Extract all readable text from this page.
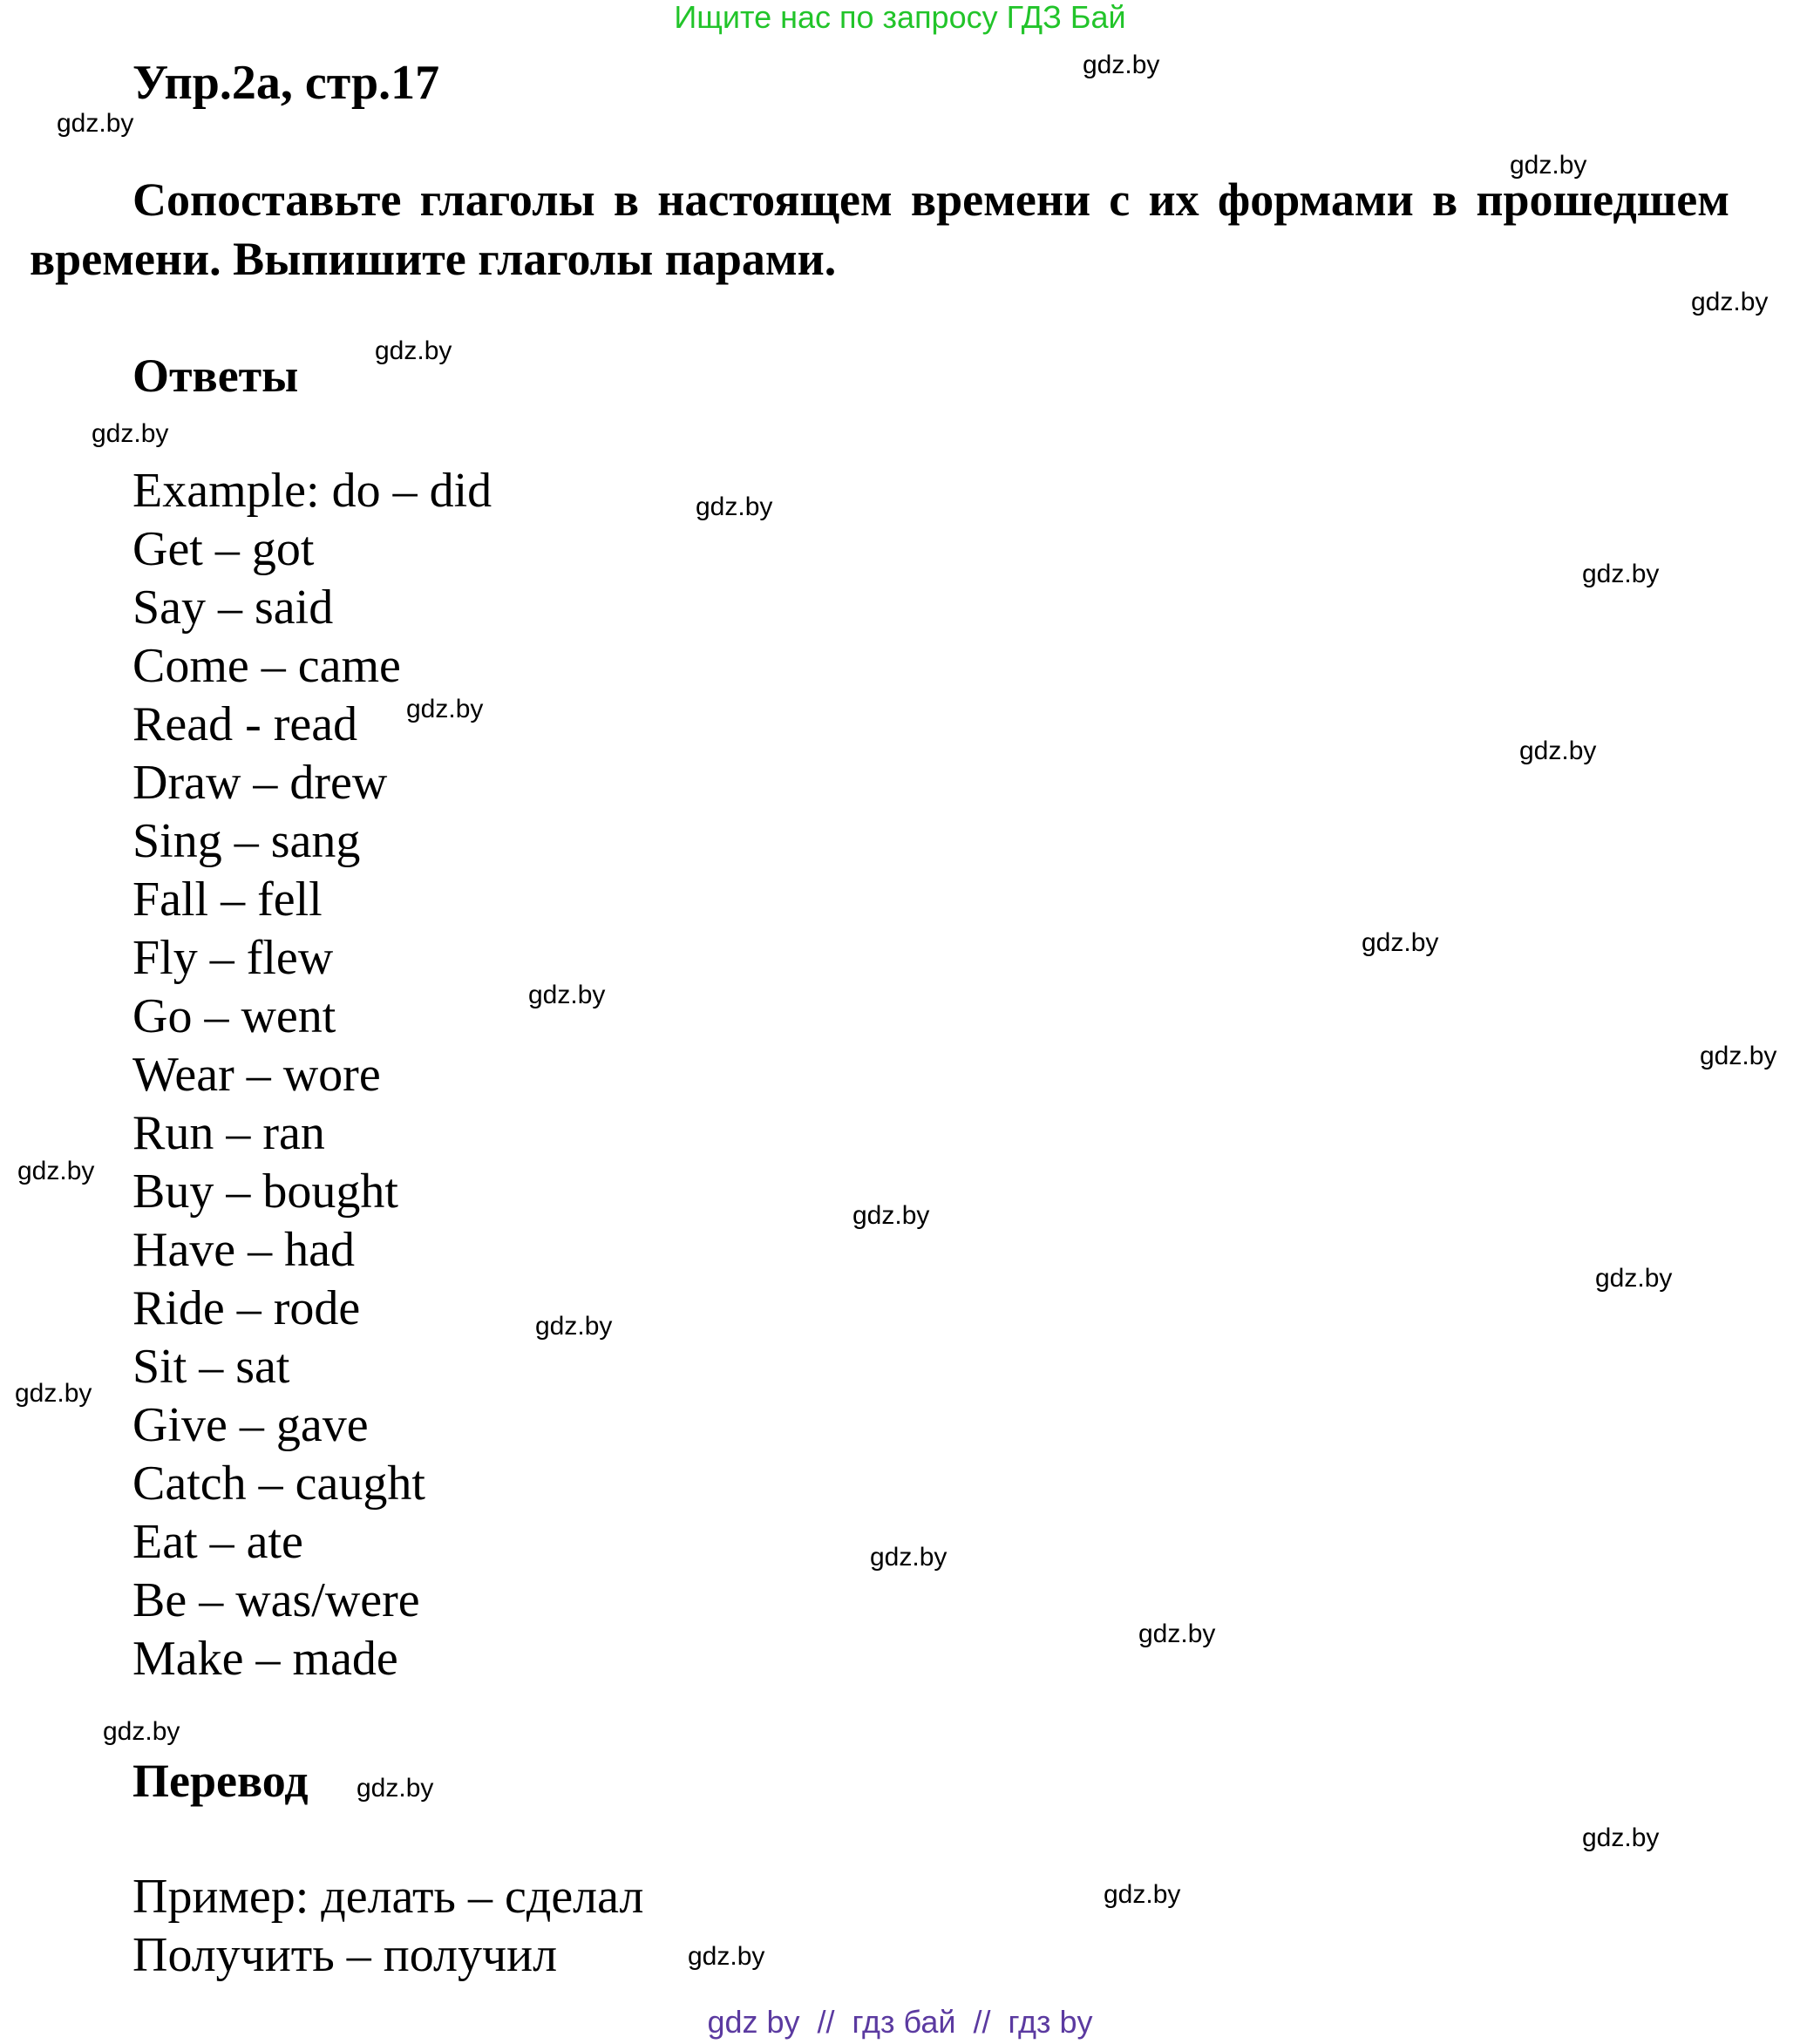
Ищите нас по запросу ГДЗ Бай
Упр.2а, стр.17

Сопоставьте глаголы в настоящем времени с их формами в прошедшем времени. Выпишите глаголы парами.

Ответы
Example: do – did
Get – got
Say – said
Come – came
Read - read
Draw – drew
Sing – sang
Fall – fell
Fly – flew
Go – went
Wear – wore
Run – ran
Buy – bought
Have – had
Ride – rode
Sit – sat
Give – gave
Catch – caught
Eat – ate
Be – was/were
Make – made
Перевод
Пример: делать – сделал
Получить – получил
gdz.by
gdz.by
gdz.by
gdz.by
gdz.by
gdz.by
gdz.by
gdz.by
gdz.by
gdz.by
gdz.by
gdz.by
gdz.by
gdz.by
gdz.by
gdz.by
gdz.by
gdz.by
gdz.by
gdz.by
gdz.by
gdz.by
gdz.by
gdz.by
gdz.by
gdz by  //  гдз бай  //  гдз by
